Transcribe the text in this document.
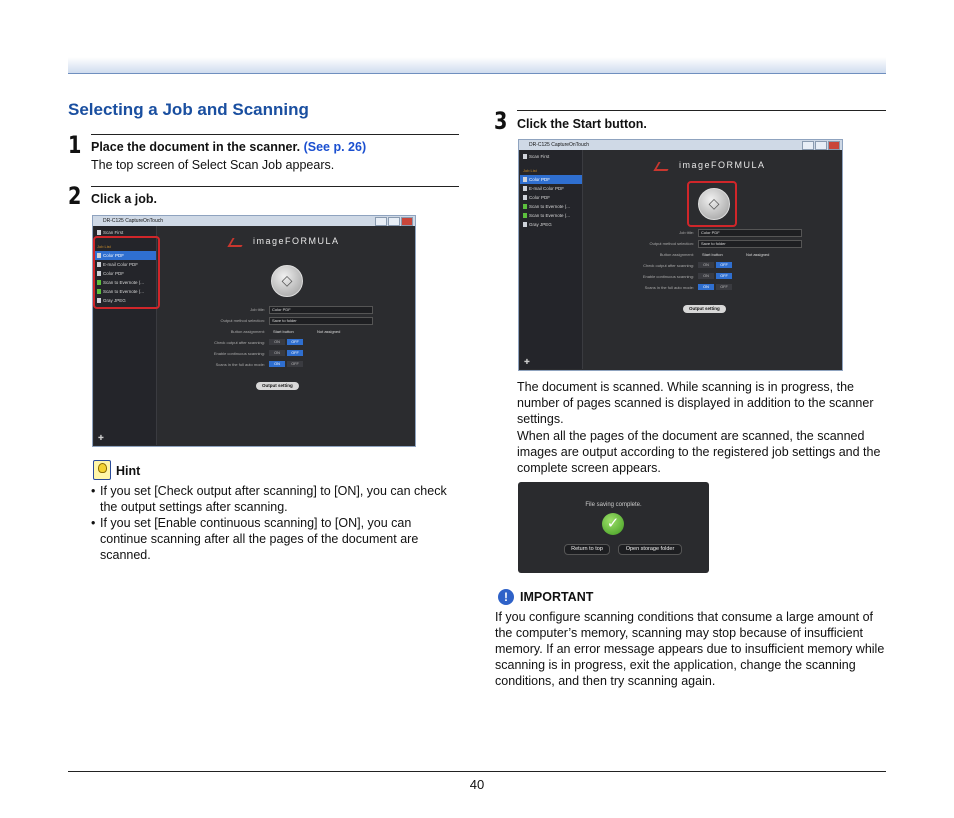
Selecting a Job and Scanning
1 Place the document in the scanner. (See p. 26)
The top screen of Select Scan Job appears.
2 Click a job.
DR-C125 CaptureOnTouch
Scan First
Job List
Color PDF
E-mail Color PDF
Color PDF
Scan to Evernote (...
Scan to Evernote (...
Gray JPEG
✚
imageFORMULA
◇
Job title:	Color PDF
Output method selection:	Save to folder
Button assignment: Start button	Not assigned
Check output after scanning:	ON	OFF
Enable continuous scanning:	ON	OFF
Scans in the full auto mode:	ON	OFF
Output setting
Hint
• If you set [Check output after scanning] to [ON], you can check the output settings after scanning.
• If you set [Enable continuous scanning] to [ON], you can continue scanning after all the pages of the document are scanned.
3 Click the Start button.
DR-C125 CaptureOnTouch
Scan First
Job List
Color PDF
E-mail Color PDF
Color PDF
Scan to Evernote (...
Scan to Evernote (...
Gray JPEG
✚
imageFORMULA
◇
Job title:	Color PDF
Output method selection:	Save to folder
Button assignment: Start button	Not assigned
Check output after scanning:	ON	OFF
Enable continuous scanning:	ON	OFF
Scans in the full auto mode:	ON	OFF
Output setting
The document is scanned. While scanning is in progress, the number of pages scanned is displayed in addition to the scanner settings.
When all the pages of the document are scanned, the scanned images are output according to the registered job settings and the complete screen appears.
File saving complete.
✓
Return to top	Open storage folder
! IMPORTANT
If you configure scanning conditions that consume a large amount of the computer’s memory, scanning may stop because of insufficient memory. If an error message appears due to insufficient memory while scanning is in progress, exit the application, change the scanning conditions, and then try scanning again.
40
